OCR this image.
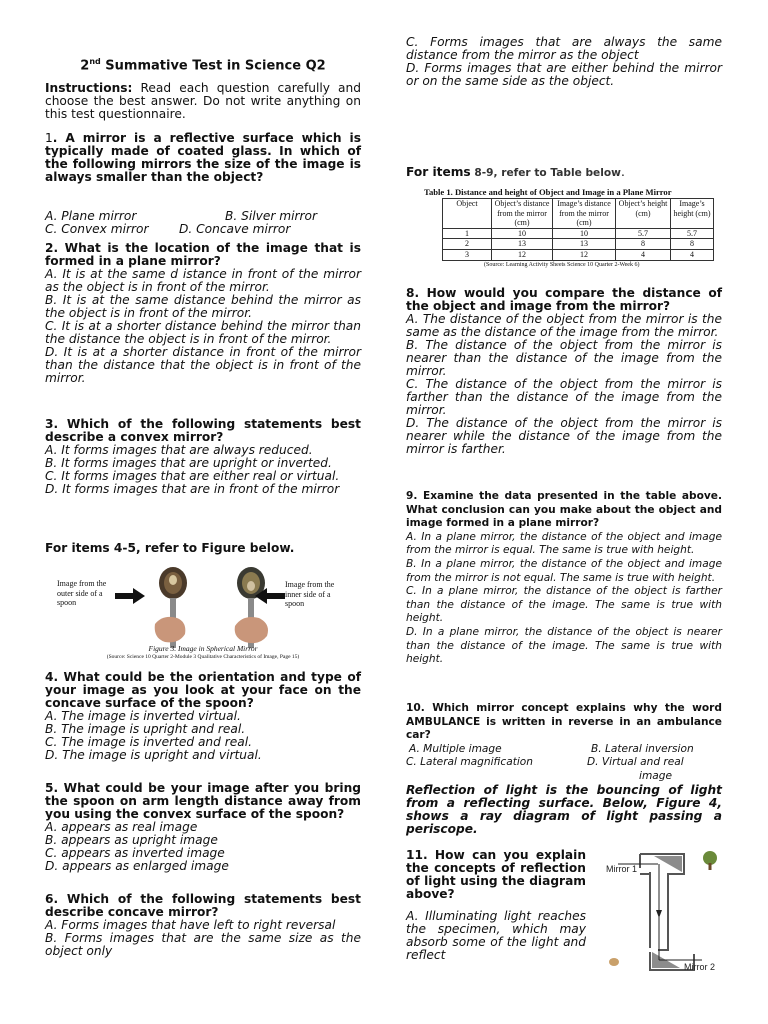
2nd Summative Test in Science Q2

Instructions: Read each question carefully and choose the best answer. Do not write anything on this test questionnaire.

1. A mirror is a reflective surface which is typically made of coated glass. In which of the following mirrors the size of the image is always smaller than the object?

A. Plane mirror	B. Silver mirror
C. Convex mirror	D. Concave mirror

2. What is the location of the image that is formed in a plane mirror?

A. It is at the same d istance in front of the mirror as the object is in front of the mirror.

B. It is at the same distance behind the mirror as the object is in front of the mirror.

C. It is at a shorter distance behind the mirror than the distance the object is in front of the mirror.

D. It is at a shorter distance in front of the mirror than the distance that the object is in front of the mirror.

3. Which of the following statements best describe a convex mirror?

A. It forms images that are always reduced.

B. It forms images that are upright or inverted.

C. It forms images that are either real or virtual.

D. It forms images that are in front of the mirror

For items 4-5, refer to Figure below.

Image from the outer side of a spoon
Image from the inner side of a spoon
Figure 3. Image in Spherical Mirror
(Source: Science 10 Quarter 2-Module 3 Qualitative Characteristics of Image, Page 15)

4. What could be the orientation and type of your image as you look at your face on the concave surface of the spoon?

A. The image is inverted virtual.

B. The image is upright and real.

C. The image is inverted and real.

D. The image is upright and virtual.

5. What could be your image after you bring the spoon on arm length distance away from you using the convex surface of the spoon?

A. appears as real image

B. appears as upright image

C. appears as inverted image

D. appears as enlarged image

6. Which of the following statements best describe concave mirror?

A. Forms images that have left to right reversal

B. Forms images that are the same size as the object only

C. Forms images that are always the same distance from the mirror as the object

D. Forms images that are either behind the mirror or on the same side as the object.

For items 8-9, refer to Table below.

Table 1. Distance and height of Object and Image in a Plane Mirror
Object	Object’s distance from the mirror (cm)	Image’s distance from the mirror (cm)	Object’s height (cm)	Image’s height (cm)
1	10	10	5.7	5.7
2	13	13	8	8
3	12	12	4	4
(Source: Learning Activity Sheets Science 10 Quarter 2-Week 6)

8. How would you compare the distance of the object and image from the mirror?

A. The distance of the object from the mirror is the same as the distance of the image from the mirror.

B. The distance of the object from the mirror is nearer than the distance of the image from the mirror.

C. The distance of the object from the mirror is farther than the distance of the image from the mirror.

D. The distance of the object from the mirror is nearer while the distance of the image from the mirror is farther.

9. Examine the data presented in the table above. What conclusion can you make about the object and image formed in a plane mirror?

A. In a plane mirror, the distance of the object and image from the mirror is equal. The same is true with height.

B. In a plane mirror, the distance of the object and image from the mirror is not equal. The same is true with height.

C. In a plane mirror, the distance of the object is farther than the distance of the image. The same is true with height.

D. In a plane mirror, the distance of the object is nearer than the distance of the image. The same is true with height.

10. Which mirror concept explains why the word AMBULANCE is written in reverse in an ambulance car?

A. Multiple image	B. Lateral inversion
C. Lateral magnification	D. Virtual and real
image

Reflection of light is the bouncing of light from a reflecting surface. Below, Figure 4, shows a ray diagram of light passing a periscope.

11. How can you explain the concepts of reflection of light using the diagram above?

A. Illuminating light reaches the specimen, which may absorb some of the light and reflect

Mirror 1
Mirror 2
